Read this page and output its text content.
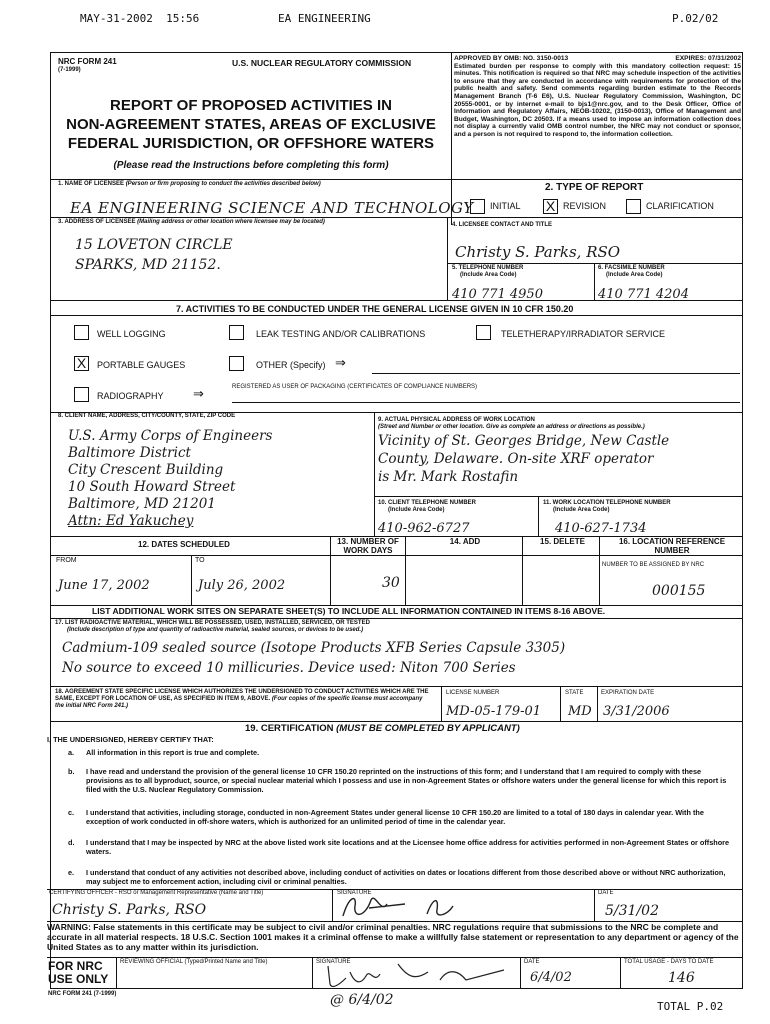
MAY-31-2002 15:56	EA ENGINEERING	P.02/02
NRC FORM 241
(7-1999)
U.S. NUCLEAR REGULATORY COMMISSION
REPORT OF PROPOSED ACTIVITIES IN
NON-AGREEMENT STATES, AREAS OF EXCLUSIVE
FEDERAL JURISDICTION, OR OFFSHORE WATERS
(Please read the Instructions before completing this form)
APPROVED BY OMB: NO. 3150-0013	EXPIRES: 07/31/2002
Estimated burden per response to comply with this mandatory collection request: 15 minutes. This notification is required so that NRC may schedule inspection of the activities to ensure that they are conducted in accordance with requirements for protection of the public health and safety. Send comments regarding burden estimate to the Records Management Branch (T-6 E6), U.S. Nuclear Regulatory Commission, Washington, DC 20555-0001, or by internet e-mail to bjs1@nrc.gov, and to the Desk Officer, Office of Information and Regulatory Affairs, NEOB-10202, (3150-0013), Office of Management and Budget, Washington, DC 20503. If a means used to impose an information collection does not display a currently valid OMB control number, the NRC may not conduct or sponsor, and a person is not required to respond to, the information collection.
1. NAME OF LICENSEE (Person or firm proposing to conduct the activities described below)
EA ENGINEERING SCIENCE AND TECHNOLOGY
2. TYPE OF REPORT
INITIAL X REVISION	CLARIFICATION
3. ADDRESS OF LICENSEE (Mailing address or other location where licensee may be located)
15 LOVETON CIRCLE
SPARKS, MD 21152.
4. LICENSEE CONTACT AND TITLE
Christy S. Parks, RSO
5. TELEPHONE NUMBER
(Include Area Code)
410 771 4950
6. FACSIMILE NUMBER
(Include Area Code)
410 771 4204
7. ACTIVITIES TO BE CONDUCTED UNDER THE GENERAL LICENSE GIVEN IN 10 CFR 150.20
WELL LOGGING	LEAK TESTING AND/OR CALIBRATIONS	TELETHERAPY/IRRADIATOR SERVICE
X	PORTABLE GAUGES	OTHER (Specify) ⇒
RADIOGRAPHY ⇒	REGISTERED AS USER OF PACKAGING (CERTIFICATES OF COMPLIANCE NUMBERS)
8. CLIENT NAME, ADDRESS, CITY/COUNTY, STATE, ZIP CODE
U.S. Army Corps of Engineers
Baltimore District
City Crescent Building
10 South Howard Street
Baltimore, MD 21201
Attn: Ed Yakuchey
9. ACTUAL PHYSICAL ADDRESS OF WORK LOCATION
(Street and Number or other location. Give as complete an address or directions as possible.)
Vicinity of St. Georges Bridge, New Castle
County, Delaware. On-site XRF operator
is Mr. Mark Rostafin
10. CLIENT TELEPHONE NUMBER
(Include Area Code)
410-962-6727
11. WORK LOCATION TELEPHONE NUMBER
(Include Area Code)
410-627-1734
12. DATES SCHEDULED
FROM	TO
June 17, 2002	July 26, 2002
13. NUMBER OF WORK DAYS
30
14. ADD	15. DELETE	16. LOCATION REFERENCE NUMBER
NUMBER TO BE ASSIGNED BY NRC
000155
LIST ADDITIONAL WORK SITES ON SEPARATE SHEET(S) TO INCLUDE ALL INFORMATION CONTAINED IN ITEMS 8-16 ABOVE.
17. LIST RADIOACTIVE MATERIAL, WHICH WILL BE POSSESSED, USED, INSTALLED, SERVICED, OR TESTED
(Include description of type and quantity of radioactive material, sealed sources, or devices to be used.)
Cadmium-109 sealed source (Isotope Products XFB Series Capsule 3305)
No source to exceed 10 millicuries. Device used: Niton 700 Series
18. AGREEMENT STATE SPECIFIC LICENSE WHICH AUTHORIZES THE UNDERSIGNED TO CONDUCT ACTIVITIES WHICH ARE THE SAME, EXCEPT FOR LOCATION OF USE, AS SPECIFIED IN ITEM 9, ABOVE. (Four copies of the specific license must accompany the initial NRC Form 241.)
LICENSE NUMBER
MD-05-179-01
STATE
MD
EXPIRATION DATE
3/31/2006
19. CERTIFICATION (MUST BE COMPLETED BY APPLICANT)
I, THE UNDERSIGNED, HEREBY CERTIFY THAT:
a. All information in this report is true and complete.
b. I have read and understand the provision of the general license 10 CFR 150.20 reprinted on the instructions of this form; and I understand that I am required to comply with these provisions as to all byproduct, source, or special nuclear material which I possess and use in non-Agreement States or offshore waters under the general license for which this report is filed with the U.S. Nuclear Regulatory Commission.
c. I understand that activities, including storage, conducted in non-Agreement States under general license 10 CFR 150.20 are limited to a total of 180 days in calendar year. With the exception of work conducted in off-shore waters, which is authorized for an unlimited period of time in the calendar year.
d. I understand that I may be inspected by NRC at the above listed work site locations and at the Licensee home office address for activities performed in non-Agreement States or offshore waters.
e. I understand that conduct of any activities not described above, including conduct of activities on dates or locations different from those described above or without NRC authorization, may subject me to enforcement action, including civil or criminal penalties.
CERTIFYING OFFICER - RSO or Management Representative (Name and Title)
Christy S. Parks, RSO
SIGNATURE	DATE
5/31/02
WARNING: False statements in this certificate may be subject to civil and/or criminal penalties. NRC regulations require that submissions to the NRC be complete and accurate in all material respects. 18 U.S.C. Section 1001 makes it a criminal offense to make a willfully false statement or representation to any department or agency of the United States as to any matter within its jurisdiction.
FOR NRC
USE ONLY
REVIEWING OFFICIAL (Typed/Printed Name and Title)	SIGNATURE	DATE
6/4/02
TOTAL USAGE - DAYS TO DATE
146
NRC FORM 241 (7-1999)	@ 6/4/02	TOTAL P.02
